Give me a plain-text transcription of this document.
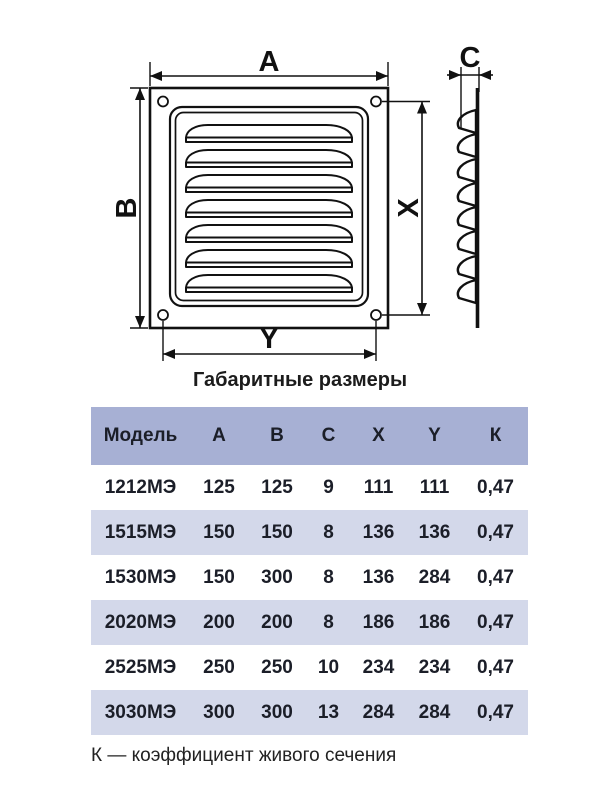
A
B	X
Y
C
Габаритные размеры
Модель	A	B	C	X	Y	К
1212МЭ	125	125	9	111	111	0,47
1515МЭ	150	150	8	136	136	0,47
1530МЭ	150	300	8	136	284	0,47
2020МЭ	200	200	8	186	186	0,47
2525МЭ	250	250	10	234	234	0,47
3030МЭ	300	300	13	284	284	0,47
К — коэффициент живого сечения
